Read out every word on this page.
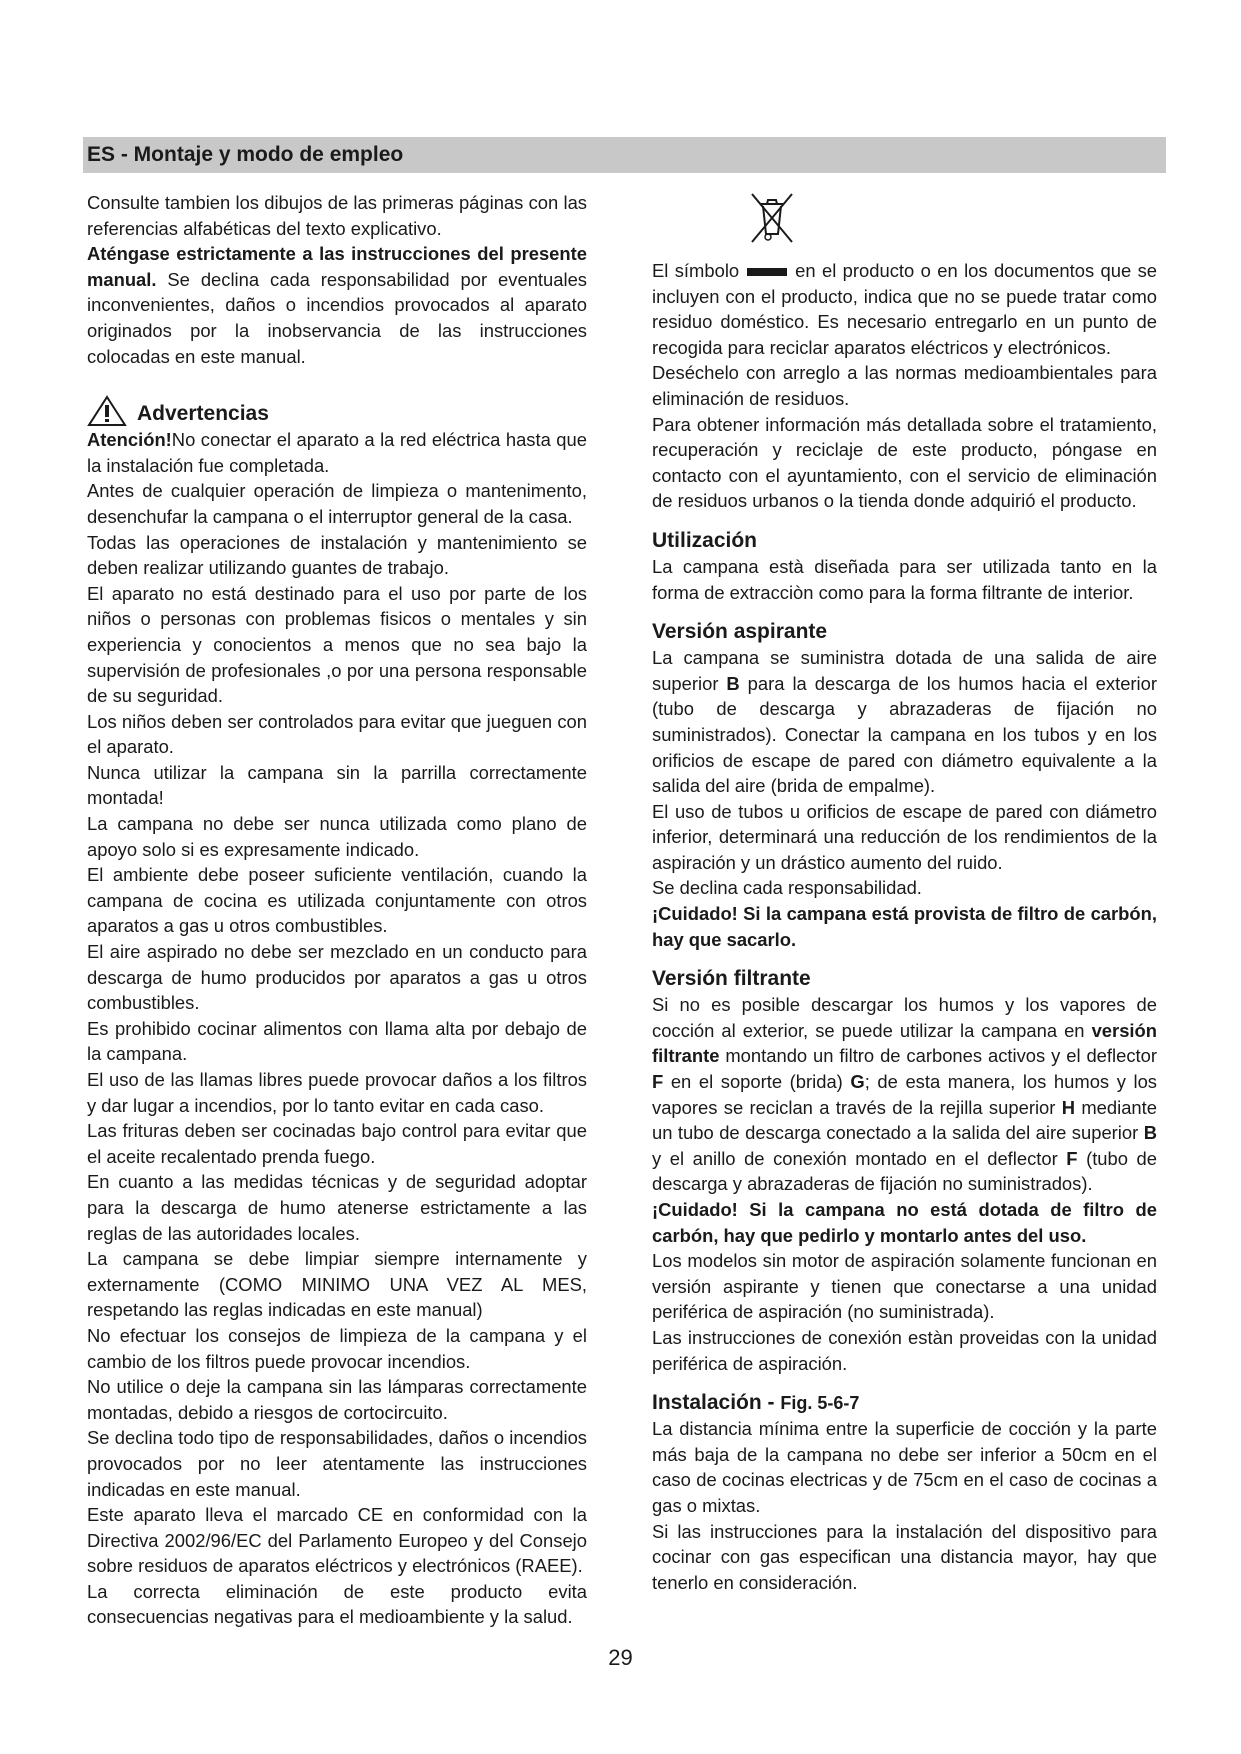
ES - Montaje y modo de empleo

Consulte tambien los dibujos de las primeras páginas con las referencias alfabéticas del texto explicativo.

Aténgase estrictamente a las instrucciones del presente manual. Se declina cada responsabilidad por eventuales inconvenientes, daños o incendios provocados al aparato originados por la inobservancia de las instrucciones colocadas en este manual.

Advertencias

Atención!No conectar el aparato a la red eléctrica hasta que la instalación fue completada.

Antes de cualquier operación de limpieza o mantenimento, desenchufar la campana o el interruptor general de la casa.

Todas las operaciones de instalación y mantenimiento se deben realizar utilizando guantes de trabajo.

El aparato no está destinado para el uso por parte de los niños o personas con problemas fisicos o mentales y sin experiencia y conocientos a menos que no sea bajo la supervisión de profesionales ,o por una persona responsable de su seguridad.

Los niños deben ser controlados para evitar que jueguen con el aparato.

Nunca utilizar la campana sin la parrilla correctamente montada!

La campana no debe ser nunca utilizada como plano de apoyo solo si es expresamente indicado.

El ambiente debe poseer suficiente ventilación, cuando la campana de cocina es utilizada conjuntamente con otros aparatos a gas u otros combustibles.

El aire aspirado no debe ser mezclado en un conducto para descarga de humo producidos por aparatos a gas u otros combustibles.

Es prohibido cocinar alimentos con llama alta por debajo de la campana.

El uso de las llamas libres puede provocar daños a los filtros y dar lugar a incendios, por lo tanto evitar en cada caso.

Las frituras deben ser cocinadas bajo control para evitar que el aceite recalentado prenda fuego.

En cuanto a las medidas técnicas y de seguridad adoptar para la descarga de humo atenerse estrictamente a las reglas de las autoridades locales.

La campana se debe limpiar siempre internamente y externamente (COMO MINIMO UNA VEZ AL MES, respetando las reglas indicadas en este manual)

No efectuar los consejos de limpieza de la campana y el cambio de los filtros puede provocar incendios.

No utilice o deje la campana sin las lámparas correctamente montadas, debido a riesgos de cortocircuito.

Se declina todo tipo de responsabilidades, daños o incendios provocados por no leer atentamente las instrucciones indicadas en este manual.

Este aparato lleva el marcado CE en conformidad con la Directiva 2002/96/EC del Parlamento Europeo y del Consejo sobre residuos de aparatos eléctricos y electrónicos (RAEE).

La correcta eliminación de este producto evita consecuencias negativas para el medioambiente y la salud.

El símbolo	en el producto o en los documentos que se incluyen con el producto, indica que no se puede tratar como residuo doméstico. Es necesario entregarlo en un punto de recogida para reciclar aparatos eléctricos y electrónicos.

Deséchelo con arreglo a las normas medioambientales para eliminación de residuos.

Para obtener información más detallada sobre el tratamiento, recuperación y reciclaje de este producto, póngase en contacto con el ayuntamiento, con el servicio de eliminación de residuos urbanos o la tienda donde adquirió el producto.

Utilización

La campana està diseñada para ser utilizada tanto en la forma de extracciòn como para la forma filtrante de interior.

Versión aspirante

La campana se suministra dotada de una salida de aire superior B para la descarga de los humos hacia el exterior (tubo de descarga y abrazaderas de fijación no suministrados). Conectar la campana en los tubos y en los orificios de escape de pared con diámetro equivalente a la salida del aire (brida de empalme).

El uso de tubos u orificios de escape de pared con diámetro inferior, determinará una reducción de los rendimientos de la aspiración y un drástico aumento del ruido.

Se declina cada responsabilidad.

¡Cuidado! Si la campana está provista de filtro de carbón, hay que sacarlo.

Versión filtrante

Si no es posible descargar los humos y los vapores de cocción al exterior, se puede utilizar la campana en versión filtrante montando un filtro de carbones activos y el deflector F en el soporte (brida) G; de esta manera, los humos y los vapores se reciclan a través de la rejilla superior H mediante un tubo de descarga conectado a la salida del aire superior B y el anillo de conexión montado en el deflector F (tubo de descarga y abrazaderas de fijación no suministrados).

¡Cuidado! Si la campana no está dotada de filtro de carbón, hay que pedirlo y montarlo antes del uso.

Los modelos sin motor de aspiración solamente funcionan en versión aspirante y tienen que conectarse a una unidad periférica de aspiración (no suministrada).

Las instrucciones de conexión estàn proveidas con la unidad periférica de aspiración.

Instalación - Fig. 5-6-7

La distancia mínima entre la superficie de cocción y la parte más baja de la campana no debe ser inferior a 50cm en el caso de cocinas electricas y de 75cm en el caso de cocinas a gas o mixtas.

Si las instrucciones para la instalación del dispositivo para cocinar con gas especifican una distancia mayor, hay que tenerlo en consideración.

29
